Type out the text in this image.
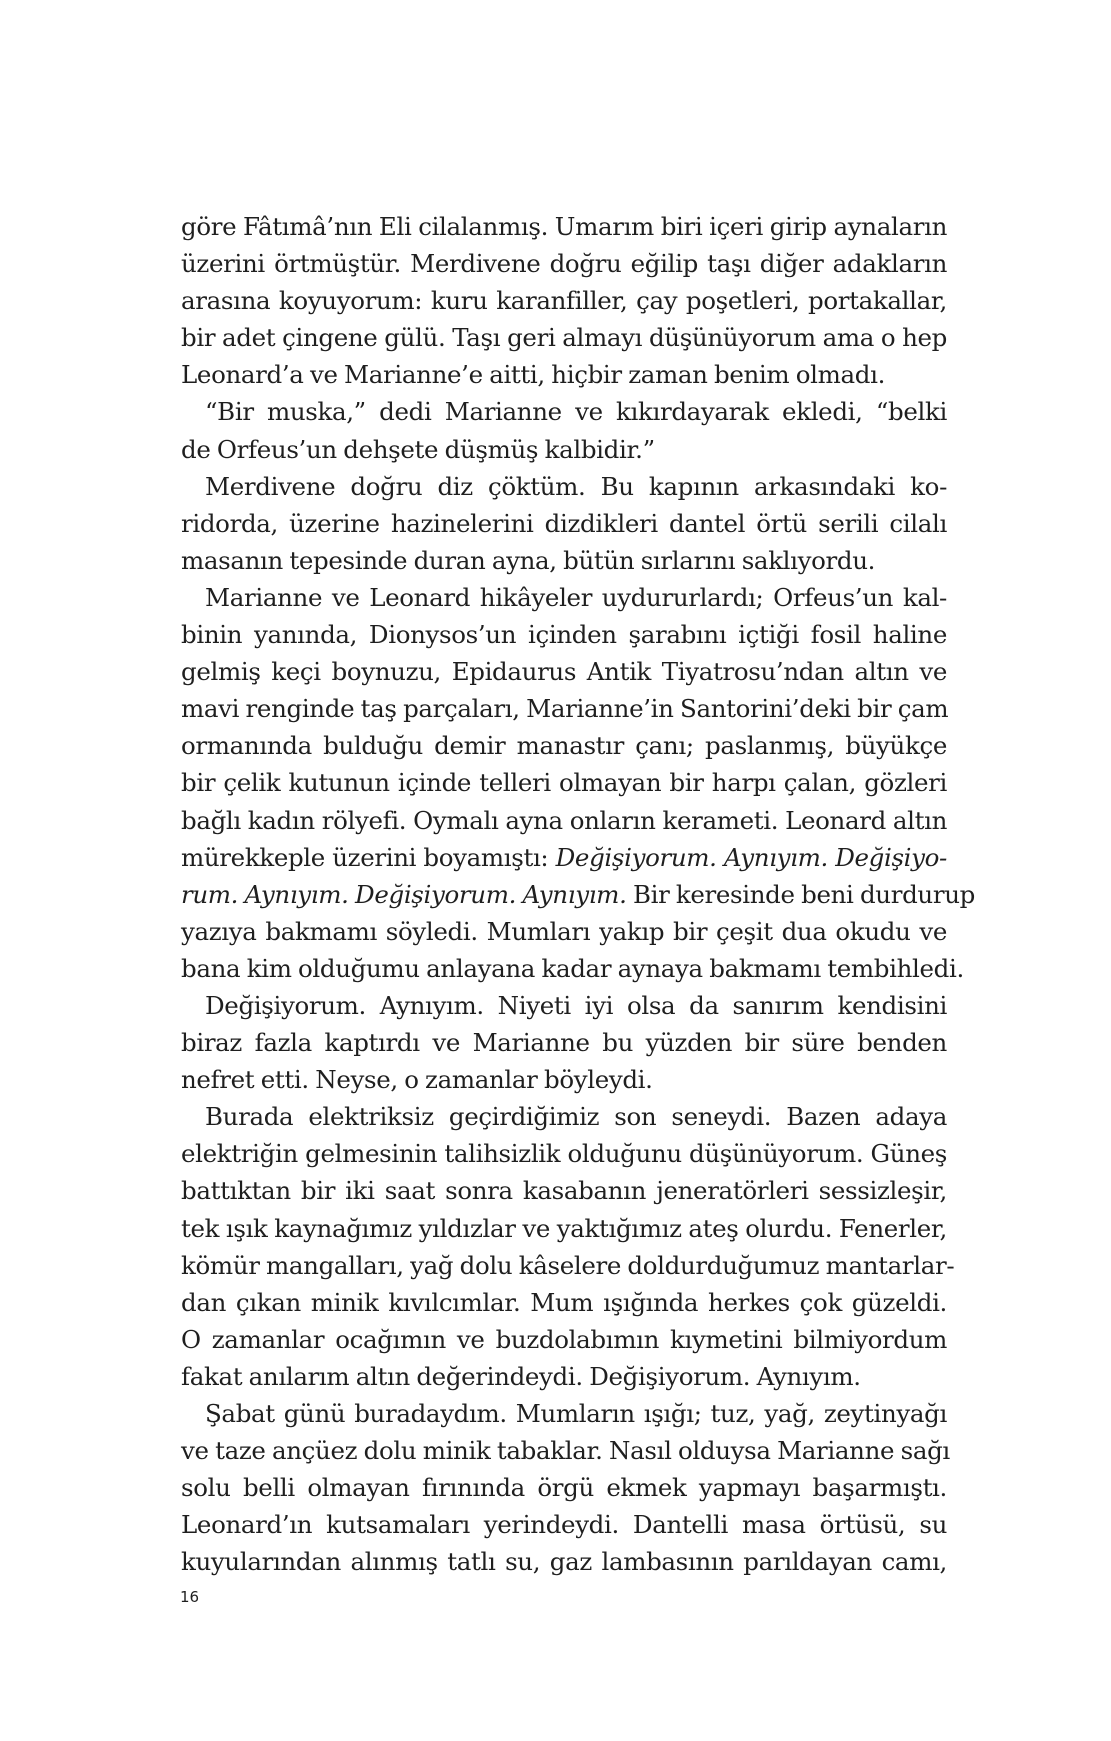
göre Fâtımâ’nın Eli cilalanmış. Umarım biri içeri girip aynaların
üzerini örtmüştür. Merdivene doğru eğilip taşı diğer adakların
arasına koyuyorum: kuru karanfiller, çay poşetleri, portakallar,
bir adet çingene gülü. Taşı geri almayı düşünüyorum ama o hep
Leonard’a ve Marianne’e aitti, hiçbir zaman benim olmadı.
“Bir muska,” dedi Marianne ve kıkırdayarak ekledi, “belki
de Orfeus’un dehşete düşmüş kalbidir.”
Merdivene doğru diz çöktüm. Bu kapının arkasındaki ko-
ridorda, üzerine hazinelerini dizdikleri dantel örtü serili cilalı
masanın tepesinde duran ayna, bütün sırlarını saklıyordu.
Marianne ve Leonard hikâyeler uydururlardı; Orfeus’un kal-
binin yanında, Dionysos’un içinden şarabını içtiği fosil haline
gelmiş keçi boynuzu, Epidaurus Antik Tiyatrosu’ndan altın ve
mavi renginde taş parçaları, Marianne’in Santorini’deki bir çam
ormanında bulduğu demir manastır çanı; paslanmış, büyükçe
bir çelik kutunun içinde telleri olmayan bir harpı çalan, gözleri
bağlı kadın rölyefi. Oymalı ayna onların kerameti. Leonard altın
mürekkeple üzerini boyamıştı: Değişiyorum. Aynıyım. Değişiyo-
rum. Aynıyım. Değişiyorum. Aynıyım. Bir keresinde beni durdurup
yazıya bakmamı söyledi. Mumları yakıp bir çeşit dua okudu ve
bana kim olduğumu anlayana kadar aynaya bakmamı tembihledi.
Değişiyorum. Aynıyım. Niyeti iyi olsa da sanırım kendisini
biraz fazla kaptırdı ve Marianne bu yüzden bir süre benden
nefret etti. Neyse, o zamanlar böyleydi.
Burada elektriksiz geçirdiğimiz son seneydi. Bazen adaya
elektriğin gelmesinin talihsizlik olduğunu düşünüyorum. Güneş
battıktan bir iki saat sonra kasabanın jeneratörleri sessizleşir,
tek ışık kaynağımız yıldızlar ve yaktığımız ateş olurdu. Fenerler,
kömür mangalları, yağ dolu kâselere doldurduğumuz mantarlar-
dan çıkan minik kıvılcımlar. Mum ışığında herkes çok güzeldi.
O zamanlar ocağımın ve buzdolabımın kıymetini bilmiyordum
fakat anılarım altın değerindeydi. Değişiyorum. Aynıyım.
Şabat günü buradaydım. Mumların ışığı; tuz, yağ, zeytinyağı
ve taze ançüez dolu minik tabaklar. Nasıl olduysa Marianne sağı
solu belli olmayan fırınında örgü ekmek yapmayı başarmıştı.
Leonard’ın kutsamaları yerindeydi. Dantelli masa örtüsü, su
kuyularından alınmış tatlı su, gaz lambasının parıldayan camı,
16
